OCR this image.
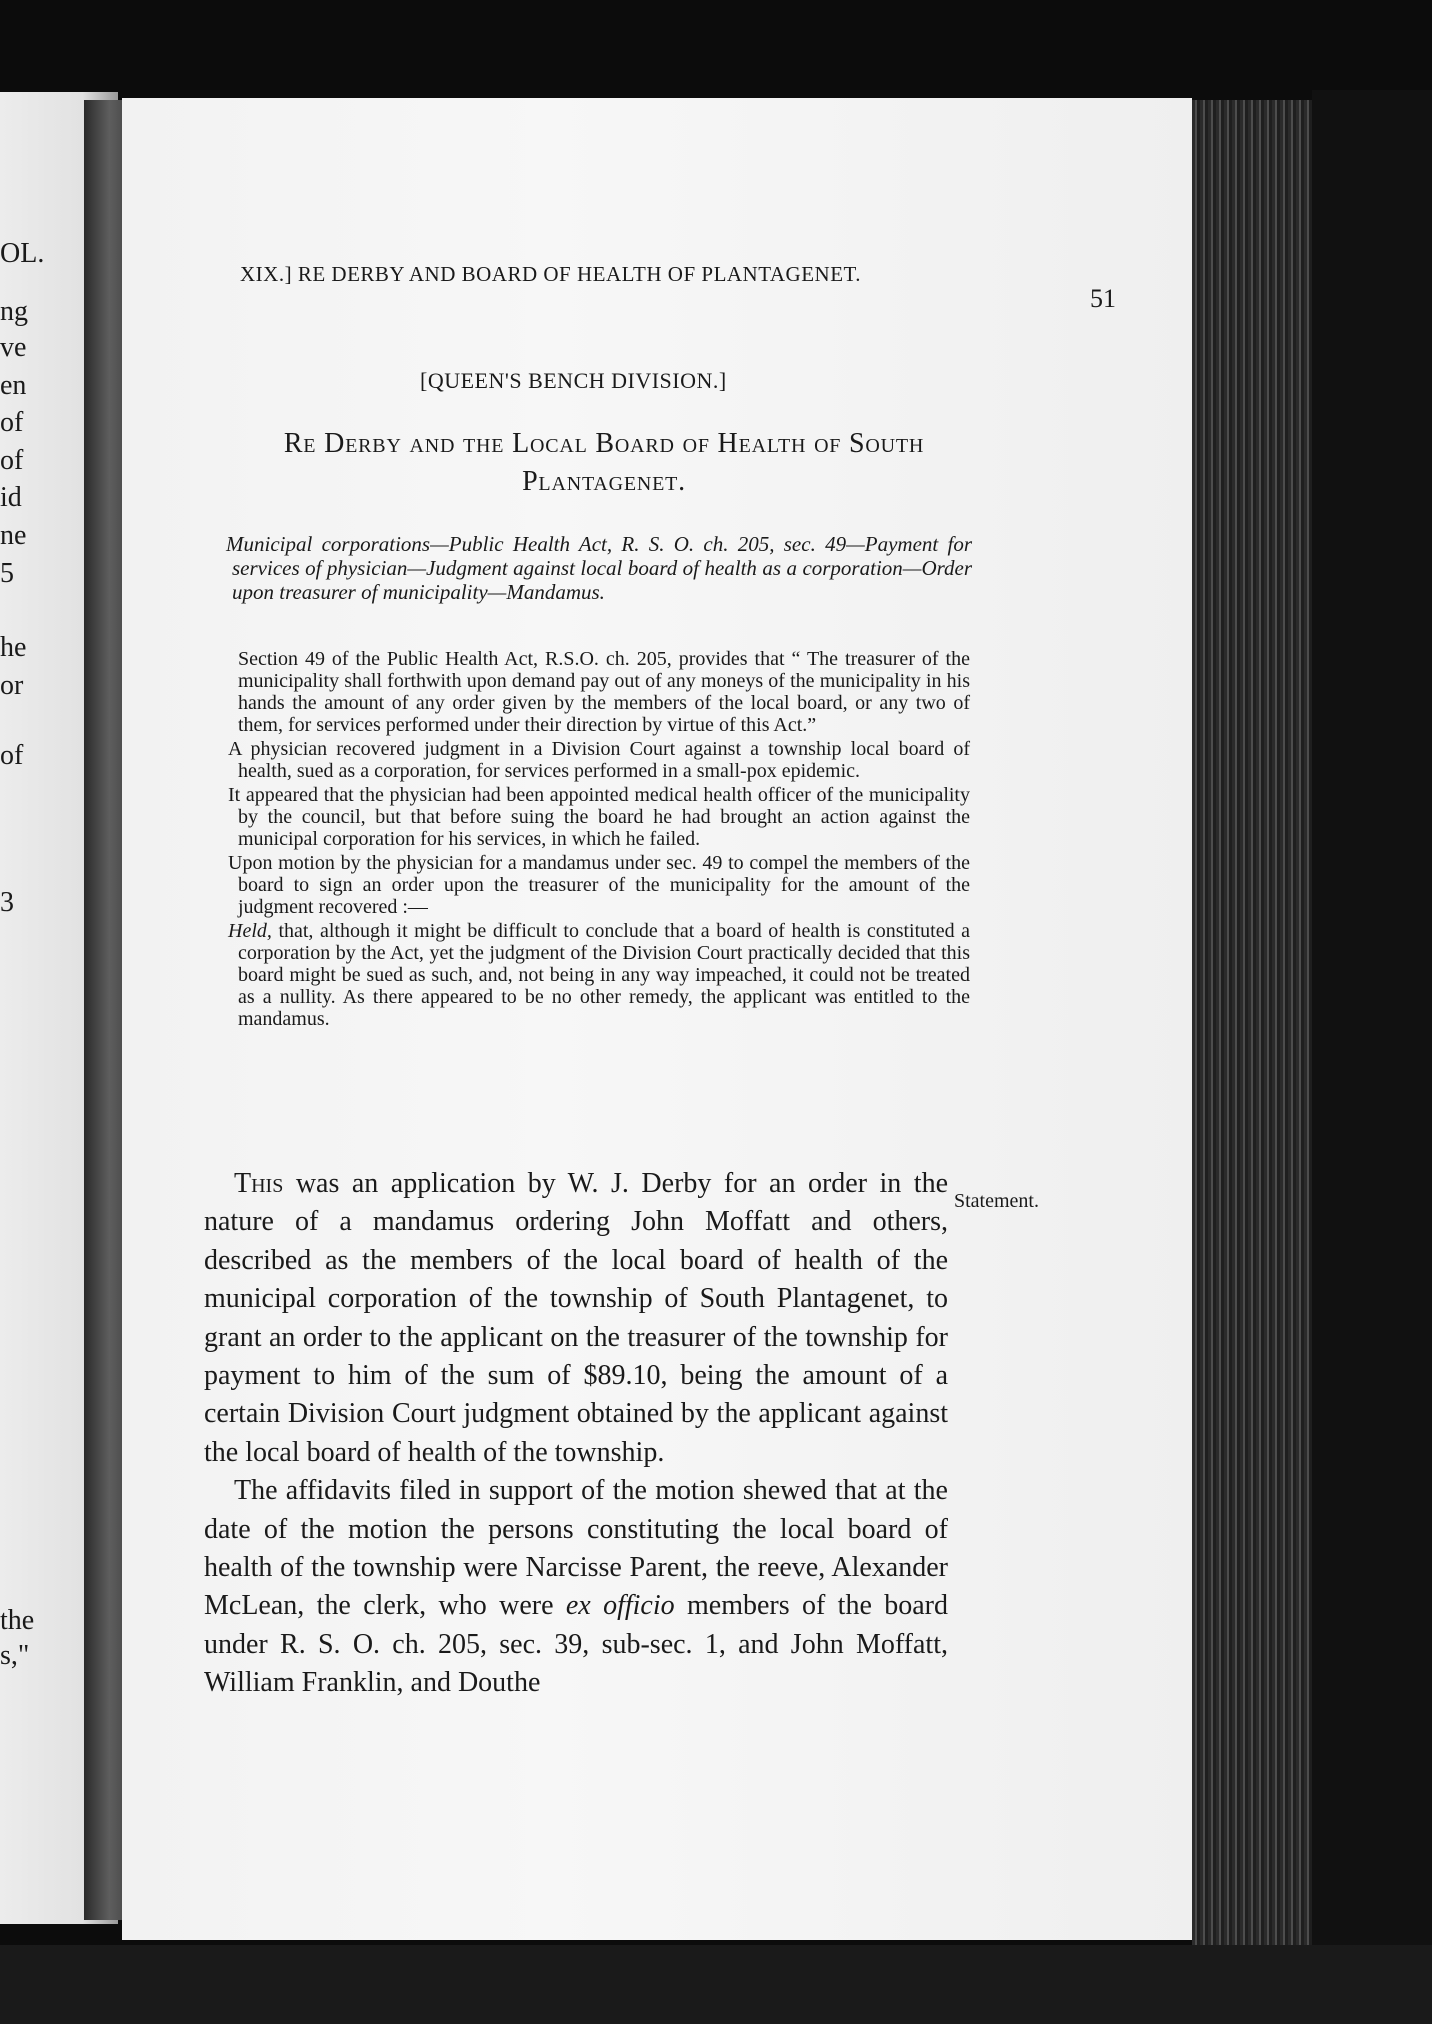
OL.
ng
ve
en
of
of
id
ne
5
he
or
of
3
the
s,"
XIX.] RE DERBY AND BOARD OF HEALTH OF PLANTAGENET.
51
[QUEEN'S BENCH DIVISION.]
Re Derby and the Local Board of Health of South Plantagenet.
Municipal corporations—Public Health Act, R. S. O. ch. 205, sec. 49—Payment for services of physician—Judgment against local board of health as a corporation—Order upon treasurer of municipality—Mandamus.

Section 49 of the Public Health Act, R.S.O. ch. 205, provides that “ The treasurer of the municipality shall forthwith upon demand pay out of any moneys of the municipality in his hands the amount of any order given by the members of the local board, or any two of them, for services performed under their direction by virtue of this Act.”

A physician recovered judgment in a Division Court against a township local board of health, sued as a corporation, for services performed in a small-pox epidemic.

It appeared that the physician had been appointed medical health officer of the municipality by the council, but that before suing the board he had brought an action against the municipal corporation for his services, in which he failed.

Upon motion by the physician for a mandamus under sec. 49 to compel the members of the board to sign an order upon the treasurer of the municipality for the amount of the judgment recovered :—

Held, that, although it might be difficult to conclude that a board of health is constituted a corporation by the Act, yet the judgment of the Division Court practically decided that this board might be sued as such, and, not being in any way impeached, it could not be treated as a nullity. As there appeared to be no other remedy, the applicant was entitled to the mandamus.

Statement.

This was an application by W. J. Derby for an order in the nature of a mandamus ordering John Moffatt and others, described as the members of the local board of health of the municipal corporation of the township of South Plantagenet, to grant an order to the applicant on the treasurer of the township for payment to him of the sum of $89.10, being the amount of a certain Division Court judgment obtained by the applicant against the local board of health of the township.

The affidavits filed in support of the motion shewed that at the date of the motion the persons constituting the local board of health of the township were Narcisse Parent, the reeve, Alexander McLean, the clerk, who were ex officio members of the board under R. S. O. ch. 205, sec. 39, sub-sec. 1, and John Moffatt, William Franklin, and Douthe
